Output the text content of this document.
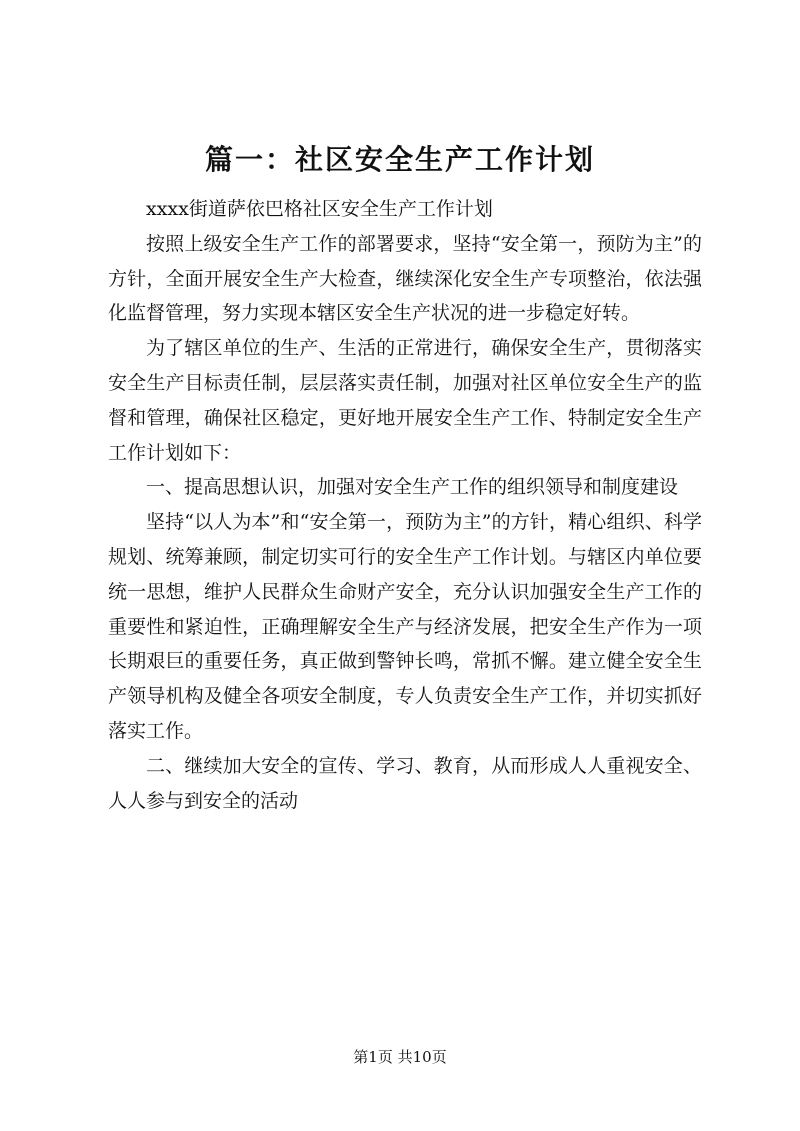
篇一：社区安全生产工作计划

xxxx街道萨依巴格社区安全生产工作计划

按照上级安全生产工作的部署要求，坚持“安全第一，预防为主”的方针，全面开展安全生产大检查，继续深化安全生产专项整治，依法强化监督管理，努力实现本辖区安全生产状况的进一步稳定好转。

为了辖区单位的生产、生活的正常进行，确保安全生产，贯彻落实安全生产目标责任制，层层落实责任制，加强对社区单位安全生产的监督和管理，确保社区稳定，更好地开展安全生产工作、特制定安全生产工作计划如下：

一、提高思想认识，加强对安全生产工作的组织领导和制度建设

坚持“以人为本”和“安全第一，预防为主”的方针，精心组织、科学规划、统筹兼顾，制定切实可行的安全生产工作计划。与辖区内单位要统一思想，维护人民群众生命财产安全，充分认识加强安全生产工作的重要性和紧迫性，正确理解安全生产与经济发展，把安全生产作为一项长期艰巨的重要任务，真正做到警钟长鸣，常抓不懈。建立健全安全生产领导机构及健全各项安全制度，专人负责安全生产工作，并切实抓好落实工作。

二、继续加大安全的宣传、学习、教育，从而形成人人重视安全、人人参与到安全的活动

第1页 共10页
